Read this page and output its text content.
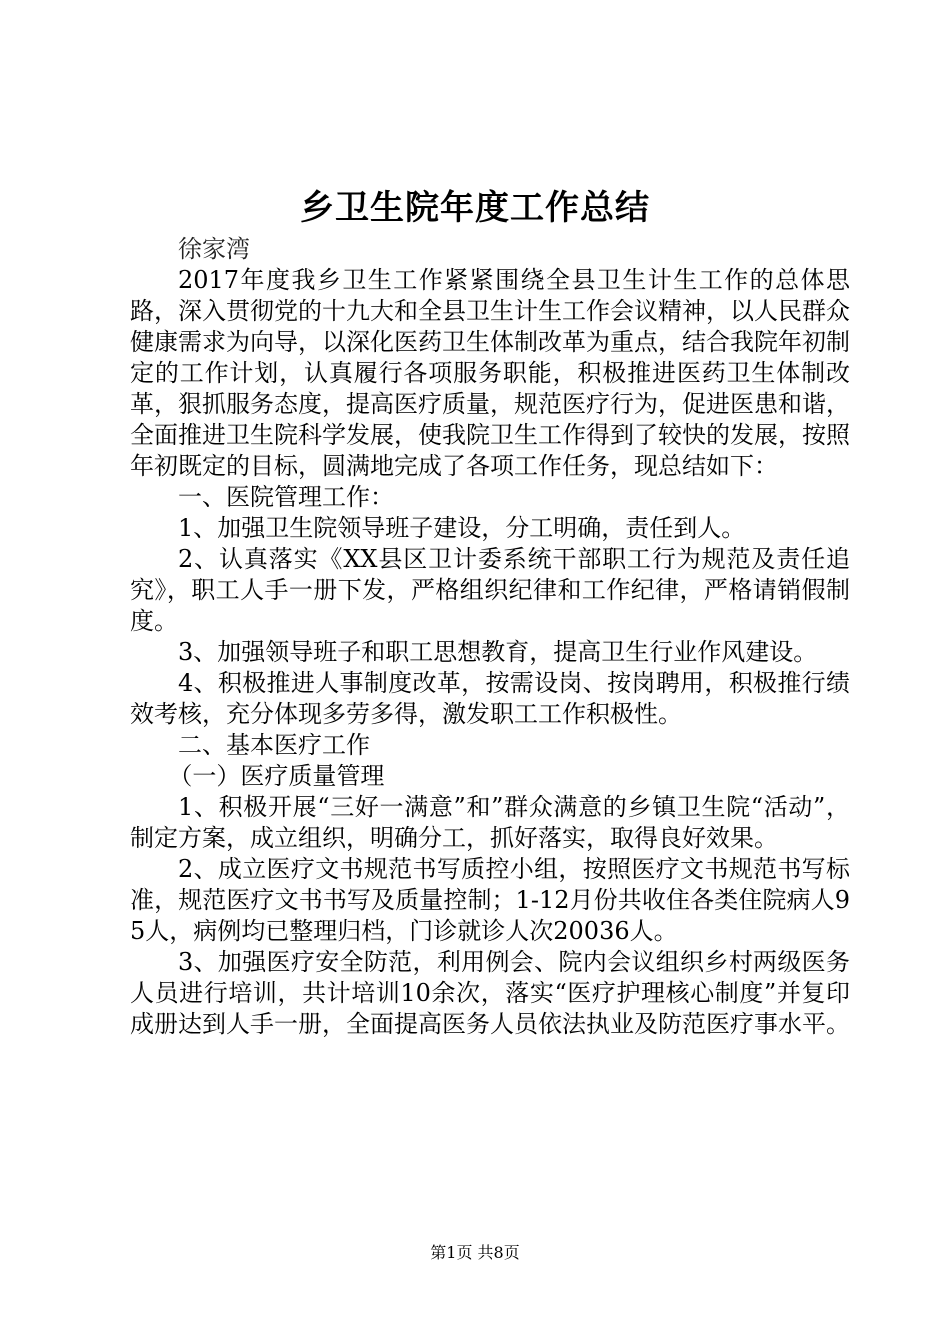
乡卫生院年度工作总结

徐家湾

2017年度我乡卫生工作紧紧围绕全县卫生计生工作的总体思路，深入贯彻党的十九大和全县卫生计生工作会议精神，以人民群众健康需求为向导，以深化医药卫生体制改革为重点，结合我院年初制定的工作计划，认真履行各项服务职能，积极推进医药卫生体制改革，狠抓服务态度，提高医疗质量，规范医疗行为，促进医患和谐，全面推进卫生院科学发展，使我院卫生工作得到了较快的发展，按照年初既定的目标，圆满地完成了各项工作任务，现总结如下：

一、医院管理工作：

1、加强卫生院领导班子建设，分工明确，责任到人。

2、认真落实《XX县区卫计委系统干部职工行为规范及责任追究》，职工人手一册下发，严格组织纪律和工作纪律，严格请销假制度。

3、加强领导班子和职工思想教育，提高卫生行业作风建设。

4、积极推进人事制度改革，按需设岗、按岗聘用，积极推行绩效考核，充分体现多劳多得，激发职工工作积极性。

二、基本医疗工作

（一）医疗质量管理

1、积极开展“三好一满意”和”群众满意的乡镇卫生院“活动”，制定方案，成立组织，明确分工，抓好落实，取得良好效果。

2、成立医疗文书规范书写质控小组，按照医疗文书规范书写标准，规范医疗文书书写及质量控制；1-12月份共收住各类住院病人95人，病例均已整理归档，门诊就诊人次20036人。

3、加强医疗安全防范，利用例会、院内会议组织乡村两级医务人员进行培训，共计培训10余次，落实“医疗护理核心制度”并复印成册达到人手一册，全面提高医务人员依法执业及防范医疗事水平。

第1页 共8页
